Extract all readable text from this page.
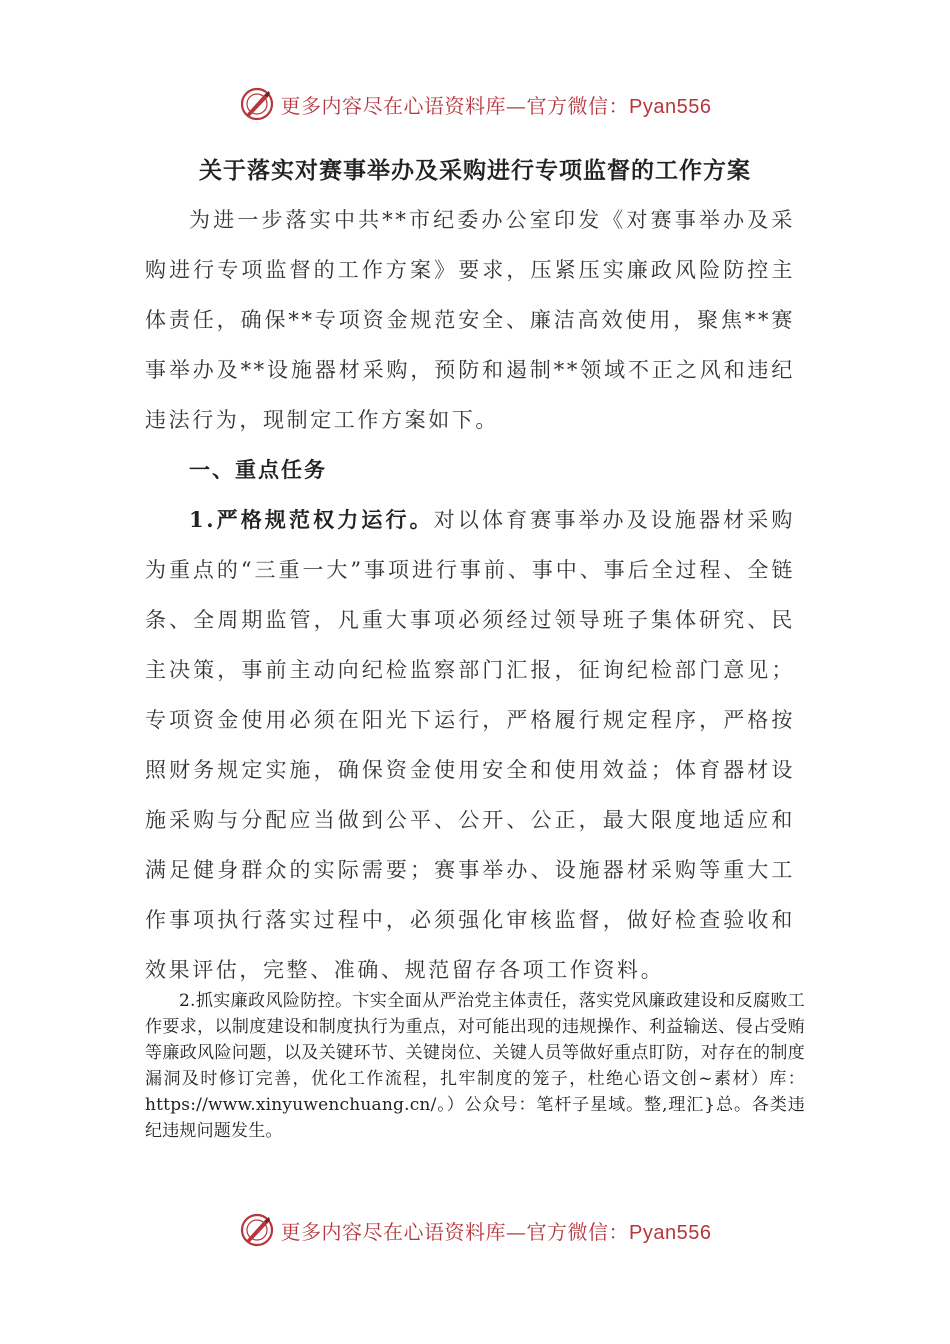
更多内容尽在心语资料库—官方微信：Pyan556
关于落实对赛事举办及采购进行专项监督的工作方案

为进一步落实中共**市纪委办公室印发《对赛事举办及采购进行专项监督的工作方案》要求，压紧压实廉政风险防控主体责任，确保**专项资金规范安全、廉洁高效使用，聚焦**赛事举办及**设施器材采购，预防和遏制**领域不正之风和违纪违法行为，现制定工作方案如下。

一、重点任务

1.严格规范权力运行。对以体育赛事举办及设施器材采购为重点的“三重一大”事项进行事前、事中、事后全过程、全链条、全周期监管，凡重大事项必须经过领导班子集体研究、民主决策，事前主动向纪检监察部门汇报，征询纪检部门意见；专项资金使用必须在阳光下运行，严格履行规定程序，严格按照财务规定实施，确保资金使用安全和使用效益；体育器材设施采购与分配应当做到公平、公开、公正，最大限度地适应和满足健身群众的实际需要；赛事举办、设施器材采购等重大工作事项执行落实过程中，必须强化审核监督，做好检查验收和效果评估，完整、准确、规范留存各项工作资料。

2.抓实廉政风险防控。卞实全面从严治党主体责任，落实党风廉政建设和反腐败工作要求，以制度建设和制度执行为重点，对可能出现的违规操作、利益输送、侵占受贿等廉政风险问题，以及关键环节、关键岗位、关键人员等做好重点盯防，对存在的制度漏洞及时修订完善，优化工作流程，扎牢制度的笼子，杜绝心语文创~素材）库：https://www.xinyuwenchuang.cn/。）公众号：笔杆子星域。整,理汇}总。各类违纪违规问题发生。

更多内容尽在心语资料库—官方微信：Pyan556
